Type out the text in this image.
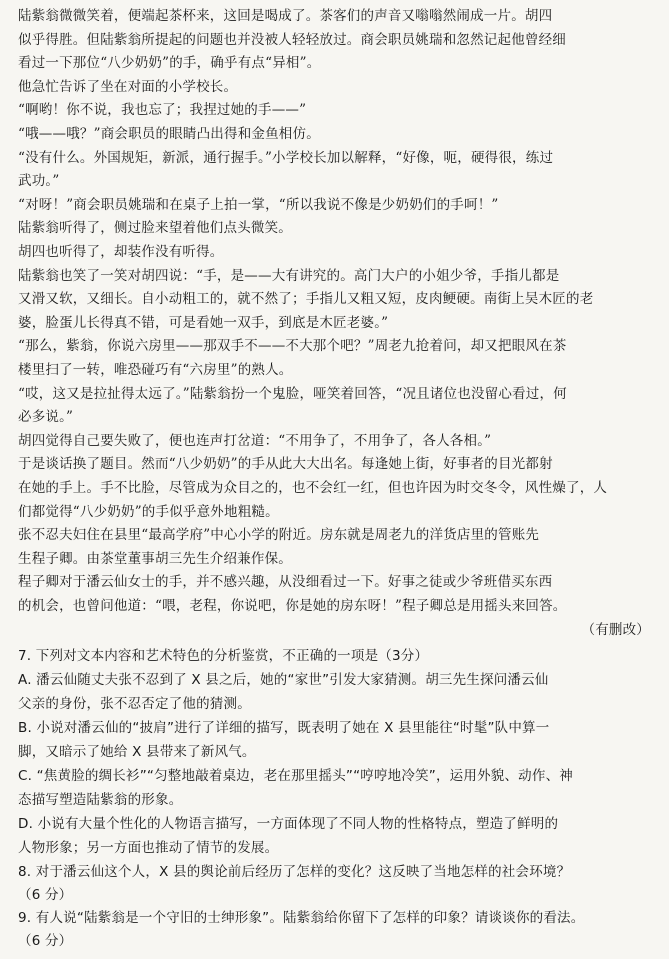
陆紫翁微微笑着，便端起茶杯来，这回是喝成了。茶客们的声音又嗡嗡然闹成一片。胡四
似乎得胜。但陆紫翁所提起的问题也并没被人轻轻放过。商会职员姚瑞和忽然记起他曾经细
看过一下那位“八少奶奶”的手，确乎有点“异相”。
他急忙告诉了坐在对面的小学校长。
“啊哟！你不说，我也忘了；我捏过她的手——”
“哦——哦？”商会职员的眼睛凸出得和金鱼相仿。
“没有什么。外国规矩，新派，通行握手。”小学校长加以解释，“好像，呃，硬得很，练过
武功。”
“对呀！”商会职员姚瑞和在桌子上拍一掌，“所以我说不像是少奶奶们的手呵！”
陆紫翁听得了，侧过脸来望着他们点头微笑。
胡四也听得了，却装作没有听得。
陆紫翁也笑了一笑对胡四说：“手，是——大有讲究的。高门大户的小姐少爷，手指儿都是
又滑又软，又细长。自小动粗工的，就不然了；手指儿又粗又短，皮肉鲠硬。南街上吴木匠的老
婆，脸蛋儿长得真不错，可是看她一双手，到底是木匠老婆。”
“那么，紫翁，你说六房里——那双手不——不大那个吧？”周老九抢着问，却又把眼风在茶
楼里扫了一转，唯恐碰巧有“六房里”的熟人。
“哎，这又是拉扯得太远了。”陆紫翁扮一个鬼脸，哑笑着回答，“况且诸位也没留心看过，何
必多说。”
胡四觉得自己要失败了，便也连声打岔道：“不用争了，不用争了，各人各相。”
于是谈话换了题目。然而“八少奶奶”的手从此大大出名。每逢她上街，好事者的目光都射
在她的手上。手不比脸，尽管成为众目之的，也不会红一红，但也许因为时交冬令，风性燥了，人
们都觉得“八少奶奶”的手似乎意外地粗糙。
张不忍夫妇住在县里“最高学府”中心小学的附近。房东就是周老九的洋货店里的管账先
生程子卿。由茶堂董事胡三先生介绍兼作保。
程子卿对于潘云仙女士的手，并不感兴趣，从没细看过一下。好事之徒或少爷班借买东西
的机会，也曾问他道：“喂，老程，你说吧，你是她的房东呀！”程子卿总是用摇头来回答。
（有删改）
7. 下列对文本内容和艺术特色的分析鉴赏，不正确的一项是（3分）
A. 潘云仙随丈夫张不忍到了 X 县之后，她的“家世”引发大家猜测。胡三先生探问潘云仙
父亲的身份，张不忍否定了他的猜测。
B. 小说对潘云仙的“披肩”进行了详细的描写，既表明了她在 X 县里能往“时髦”队中算一
脚，又暗示了她给 X 县带来了新风气。
C. “焦黄脸的绸长衫”“匀整地敲着桌边，老在那里摇头”“哼哼地冷笑”，运用外貌、动作、神
态描写塑造陆紫翁的形象。
D. 小说有大量个性化的人物语言描写，一方面体现了不同人物的性格特点，塑造了鲜明的
人物形象；另一方面也推动了情节的发展。
8. 对于潘云仙这个人，X 县的舆论前后经历了怎样的变化？这反映了当地怎样的社会环境？
（6 分）
9. 有人说“陆紫翁是一个守旧的士绅形象”。陆紫翁给你留下了怎样的印象？请谈谈你的看法。
（6 分）
